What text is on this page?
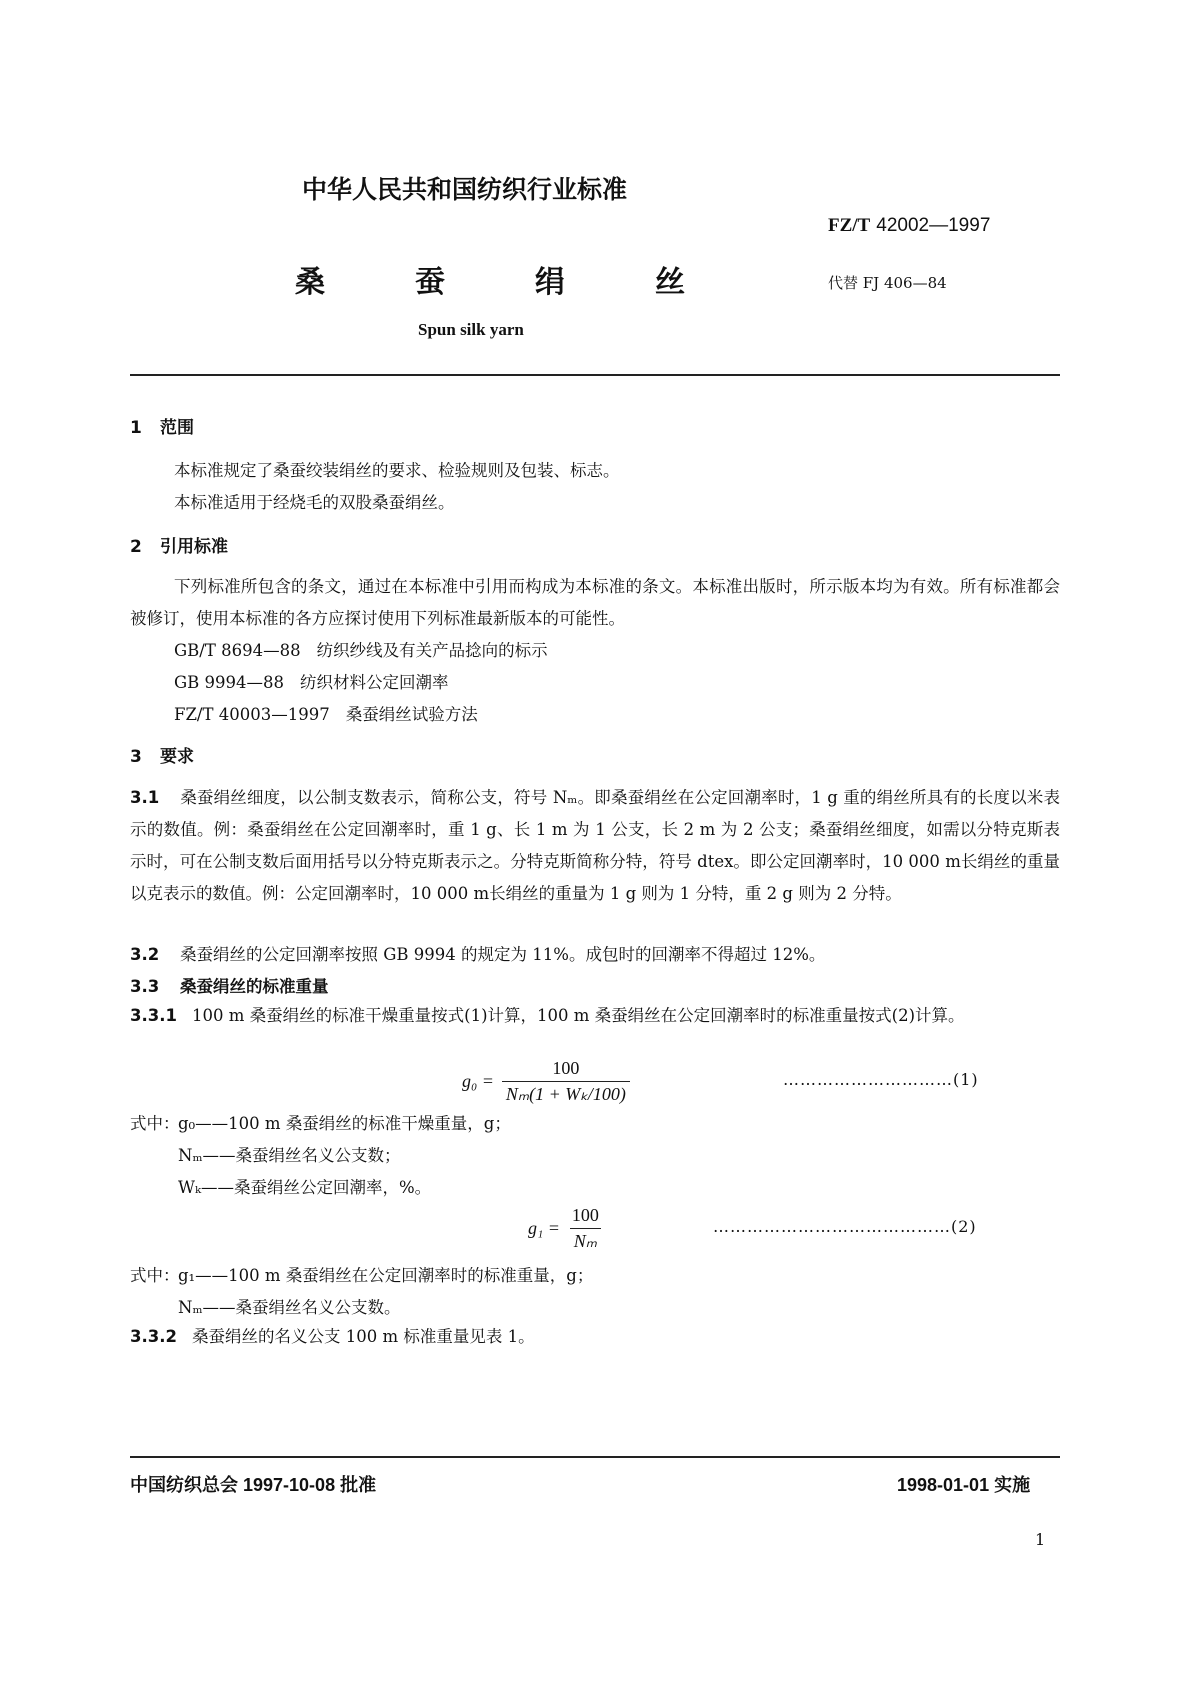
中华人民共和国纺织行业标准
FZ/T 42002—1997
桑	蚕	绢	丝	代替 FJ 406—84
Spun silk yarn
1 范围
本标准规定了桑蚕绞装绢丝的要求、检验规则及包装、标志。
本标准适用于经烧毛的双股桑蚕绢丝。
2 引用标准
下列标准所包含的条文，通过在本标准中引用而构成为本标准的条文。本标准出版时，所示版本均为有效。所有标准都会被修订，使用本标准的各方应探讨使用下列标准最新版本的可能性。
GB/T 8694—88 纺织纱线及有关产品捻向的标示
GB 9994—88 纺织材料公定回潮率
FZ/T 40003—1997 桑蚕绢丝试验方法
3 要求
3.1 桑蚕绢丝细度，以公制支数表示，简称公支，符号 Nₘ。即桑蚕绢丝在公定回潮率时，1 g 重的绢丝所具有的长度以米表示的数值。例：桑蚕绢丝在公定回潮率时，重 1 g、长 1 m 为 1 公支，长 2 m 为 2 公支；桑蚕绢丝细度，如需以分特克斯表示时，可在公制支数后面用括号以分特克斯表示之。分特克斯简称分特，符号 dtex。即公定回潮率时，10 000 m长绢丝的重量以克表示的数值。例：公定回潮率时，10 000 m长绢丝的重量为 1 g 则为 1 分特，重 2 g 则为 2 分特。
3.2 桑蚕绢丝的公定回潮率按照 GB 9994 的规定为 11%。成包时的回潮率不得超过 12%。
3.3 桑蚕绢丝的标准重量
3.3.1 100 m 桑蚕绢丝的标准干燥重量按式(1)计算，100 m 桑蚕绢丝在公定回潮率时的标准重量按式(2)计算。
$g_0 = \frac{100}{\text{Nₘ(1 + Wₖ/100)}}$	…………………………(1)
式中：
g₀——100 m 桑蚕绢丝的标准干燥重量，g；
Nₘ——桑蚕绢丝名义公支数；
Wₖ——桑蚕绢丝公定回潮率，%。
$g_1 = \frac{100}{\text{Nₘ}}$	……………………………………(2)
式中：
g₁——100 m 桑蚕绢丝在公定回潮率时的标准重量，g；
Nₘ——桑蚕绢丝名义公支数。
3.3.2 桑蚕绢丝的名义公支 100 m 标准重量见表 1。
中国纺织总会 1997-10-08 批准	1998-01-01 实施
1
